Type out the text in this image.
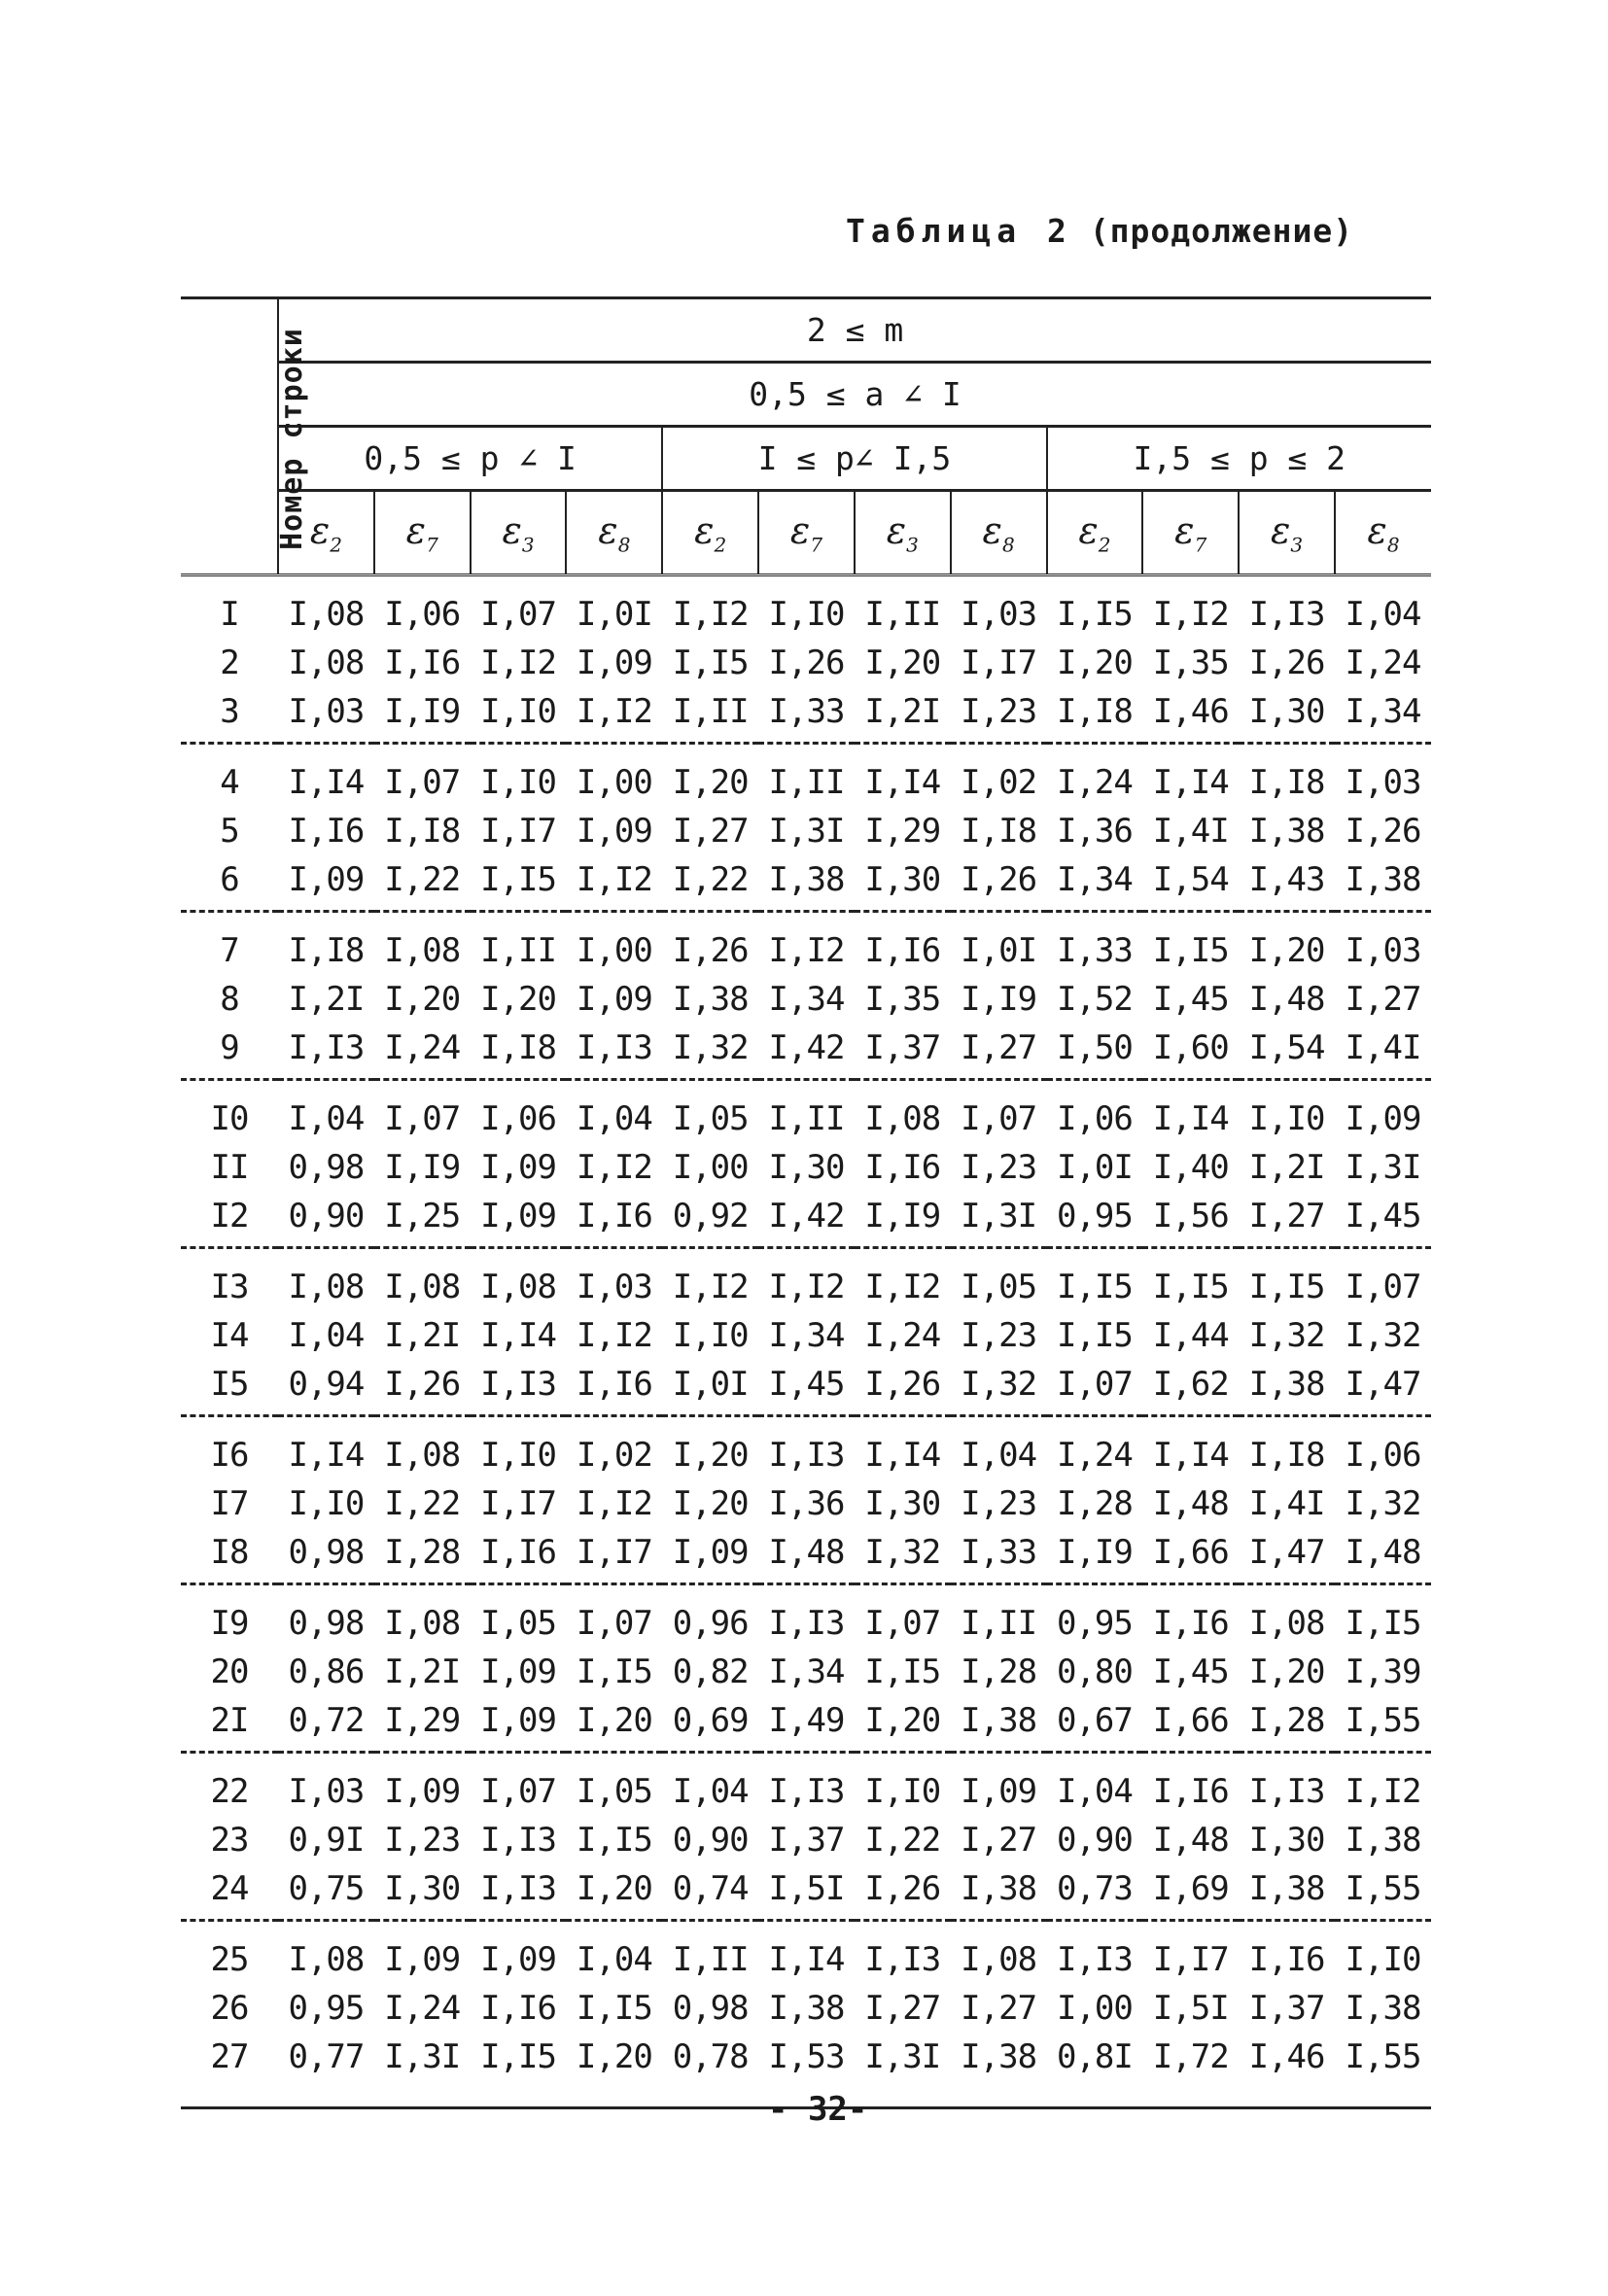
Таблица 2 (продолжение)
Номер строки	2 ≤ m											
	0,5 ≤ a ∠ I											
	0,5 ≤ p ∠ I				I ≤ p∠ I,5				I,5 ≤ p ≤ 2			
	$\varepsilon_2$	$\varepsilon_7$	$\varepsilon_3$	$\varepsilon_8$	$\varepsilon_2$	$\varepsilon_7$	$\varepsilon_3$	$\varepsilon_8$	$\varepsilon_2$	$\varepsilon_7$	$\varepsilon_3$	$\varepsilon_8$
I	I,08	I,06	I,07	I,0I	I,I2	I,I0	I,II	I,03	I,I5	I,I2	I,I3	I,04
2	I,08	I,I6	I,I2	I,09	I,I5	I,26	I,20	I,I7	I,20	I,35	I,26	I,24
3	I,03	I,I9	I,I0	I,I2	I,II	I,33	I,2I	I,23	I,I8	I,46	I,30	I,34
4	I,I4	I,07	I,I0	I,00	I,20	I,II	I,I4	I,02	I,24	I,I4	I,I8	I,03
5	I,I6	I,I8	I,I7	I,09	I,27	I,3I	I,29	I,I8	I,36	I,4I	I,38	I,26
6	I,09	I,22	I,I5	I,I2	I,22	I,38	I,30	I,26	I,34	I,54	I,43	I,38
7	I,I8	I,08	I,II	I,00	I,26	I,I2	I,I6	I,0I	I,33	I,I5	I,20	I,03
8	I,2I	I,20	I,20	I,09	I,38	I,34	I,35	I,I9	I,52	I,45	I,48	I,27
9	I,I3	I,24	I,I8	I,I3	I,32	I,42	I,37	I,27	I,50	I,60	I,54	I,4I
I0	I,04	I,07	I,06	I,04	I,05	I,II	I,08	I,07	I,06	I,I4	I,I0	I,09
II	0,98	I,I9	I,09	I,I2	I,00	I,30	I,I6	I,23	I,0I	I,40	I,2I	I,3I
I2	0,90	I,25	I,09	I,I6	0,92	I,42	I,I9	I,3I	0,95	I,56	I,27	I,45
I3	I,08	I,08	I,08	I,03	I,I2	I,I2	I,I2	I,05	I,I5	I,I5	I,I5	I,07
I4	I,04	I,2I	I,I4	I,I2	I,I0	I,34	I,24	I,23	I,I5	I,44	I,32	I,32
I5	0,94	I,26	I,I3	I,I6	I,0I	I,45	I,26	I,32	I,07	I,62	I,38	I,47
I6	I,I4	I,08	I,I0	I,02	I,20	I,I3	I,I4	I,04	I,24	I,I4	I,I8	I,06
I7	I,I0	I,22	I,I7	I,I2	I,20	I,36	I,30	I,23	I,28	I,48	I,4I	I,32
I8	0,98	I,28	I,I6	I,I7	I,09	I,48	I,32	I,33	I,I9	I,66	I,47	I,48
I9	0,98	I,08	I,05	I,07	0,96	I,I3	I,07	I,II	0,95	I,I6	I,08	I,I5
20	0,86	I,2I	I,09	I,I5	0,82	I,34	I,I5	I,28	0,80	I,45	I,20	I,39
2I	0,72	I,29	I,09	I,20	0,69	I,49	I,20	I,38	0,67	I,66	I,28	I,55
22	I,03	I,09	I,07	I,05	I,04	I,I3	I,I0	I,09	I,04	I,I6	I,I3	I,I2
23	0,9I	I,23	I,I3	I,I5	0,90	I,37	I,22	I,27	0,90	I,48	I,30	I,38
24	0,75	I,30	I,I3	I,20	0,74	I,5I	I,26	I,38	0,73	I,69	I,38	I,55
25	I,08	I,09	I,09	I,04	I,II	I,I4	I,I3	I,08	I,I3	I,I7	I,I6	I,I0
26	0,95	I,24	I,I6	I,I5	0,98	I,38	I,27	I,27	I,00	I,5I	I,37	I,38
27	0,77	I,3I	I,I5	I,20	0,78	I,53	I,3I	I,38	0,8I	I,72	I,46	I,55
- 32-
